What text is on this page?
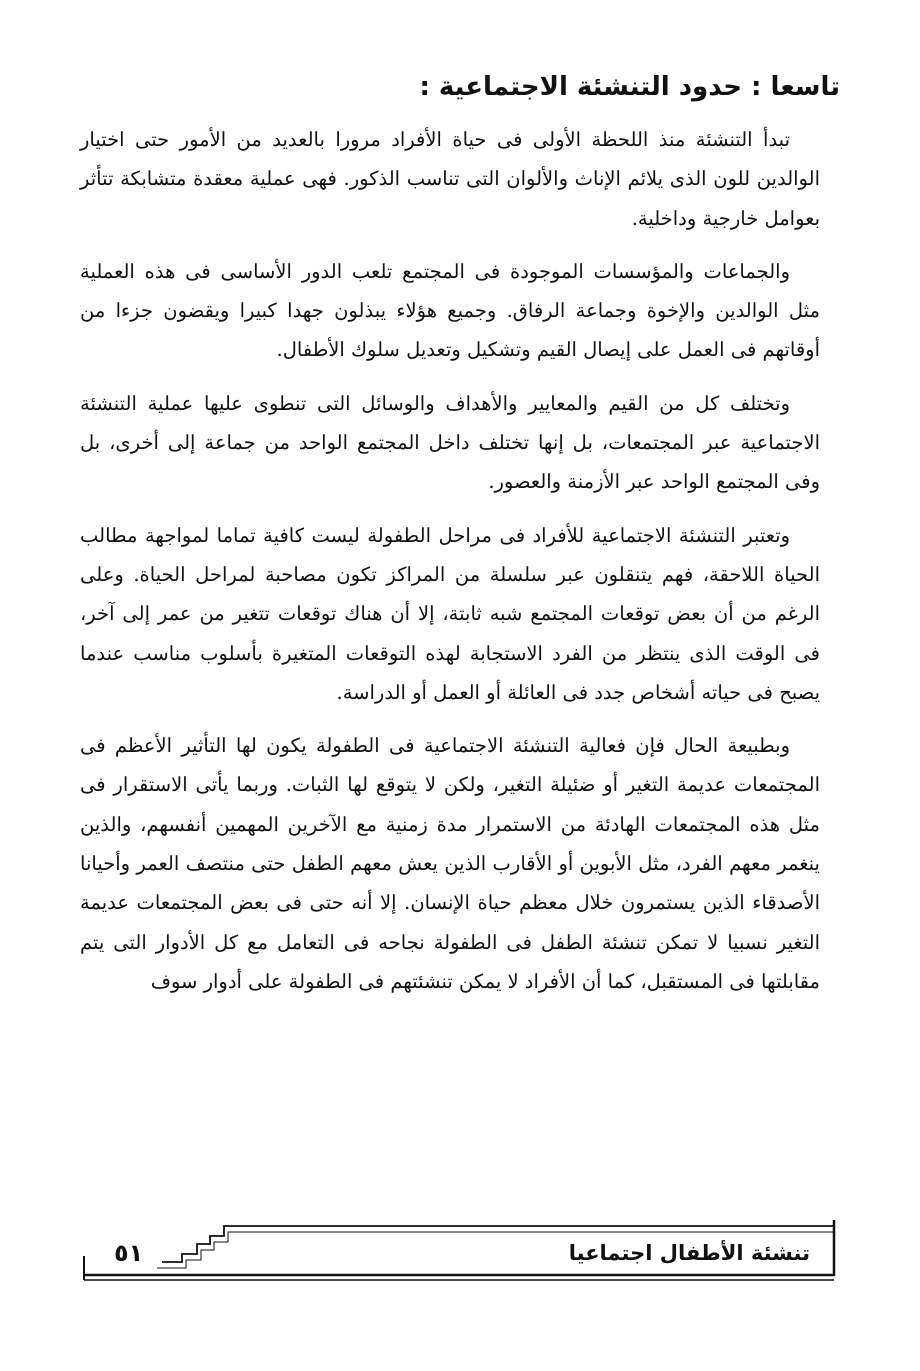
تاسعا : حدود التنشئة الاجتماعية :

تبدأ التنشئة منذ اللحظة الأولى فى حياة الأفراد مرورا بالعديد من الأمور حتى اختيار الوالدين للون الذى يلائم الإناث والألوان التى تناسب الذكور. فهى عملية معقدة متشابكة تتأثر بعوامل خارجية وداخلية.

والجماعات والمؤسسات الموجودة فى المجتمع تلعب الدور الأساسى فى هذه العملية مثل الوالدين والإخوة وجماعة الرفاق. وجميع هؤلاء يبذلون جهدا كبيرا ويقضون جزءا من أوقاتهم فى العمل على إيصال القيم وتشكيل وتعديل سلوك الأطفال.

وتختلف كل من القيم والمعايير والأهداف والوسائل التى تنطوى عليها عملية التنشئة الاجتماعية عبر المجتمعات، بل إنها تختلف داخل المجتمع الواحد من جماعة إلى أخرى، بل وفى المجتمع الواحد عبر الأزمنة والعصور.

وتعتبر التنشئة الاجتماعية للأفراد فى مراحل الطفولة ليست كافية تماما لمواجهة مطالب الحياة اللاحقة، فهم يتنقلون عبر سلسلة من المراكز تكون مصاحبة لمراحل الحياة. وعلى الرغم من أن بعض توقعات المجتمع شبه ثابتة، إلا أن هناك توقعات تتغير من عمر إلى آخر، فى الوقت الذى ينتظر من الفرد الاستجابة لهذه التوقعات المتغيرة بأسلوب مناسب عندما يصبح فى حياته أشخاص جدد فى العائلة أو العمل أو الدراسة.

وبطبيعة الحال فإن فعالية التنشئة الاجتماعية فى الطفولة يكون لها التأثير الأعظم فى المجتمعات عديمة التغير أو ضئيلة التغير، ولكن لا يتوقع لها الثبات. وربما يأتى الاستقرار فى مثل هذه المجتمعات الهادئة من الاستمرار مدة زمنية مع الآخرين المهمين أنفسهم، والذين ينغمر معهم الفرد، مثل الأبوين أو الأقارب الذين يعش معهم الطفل حتى منتصف العمر وأحيانا الأصدقاء الذين يستمرون خلال معظم حياة الإنسان. إلا أنه حتى فى بعض المجتمعات عديمة التغير نسبيا لا تمكن تنشئة الطفل فى الطفولة نجاحه فى التعامل مع كل الأدوار التى يتم مقابلتها فى المستقبل، كما أن الأفراد لا يمكن تنشئتهم فى الطفولة على أدوار سوف

تنشئة الأطفال اجتماعيا
٥١
